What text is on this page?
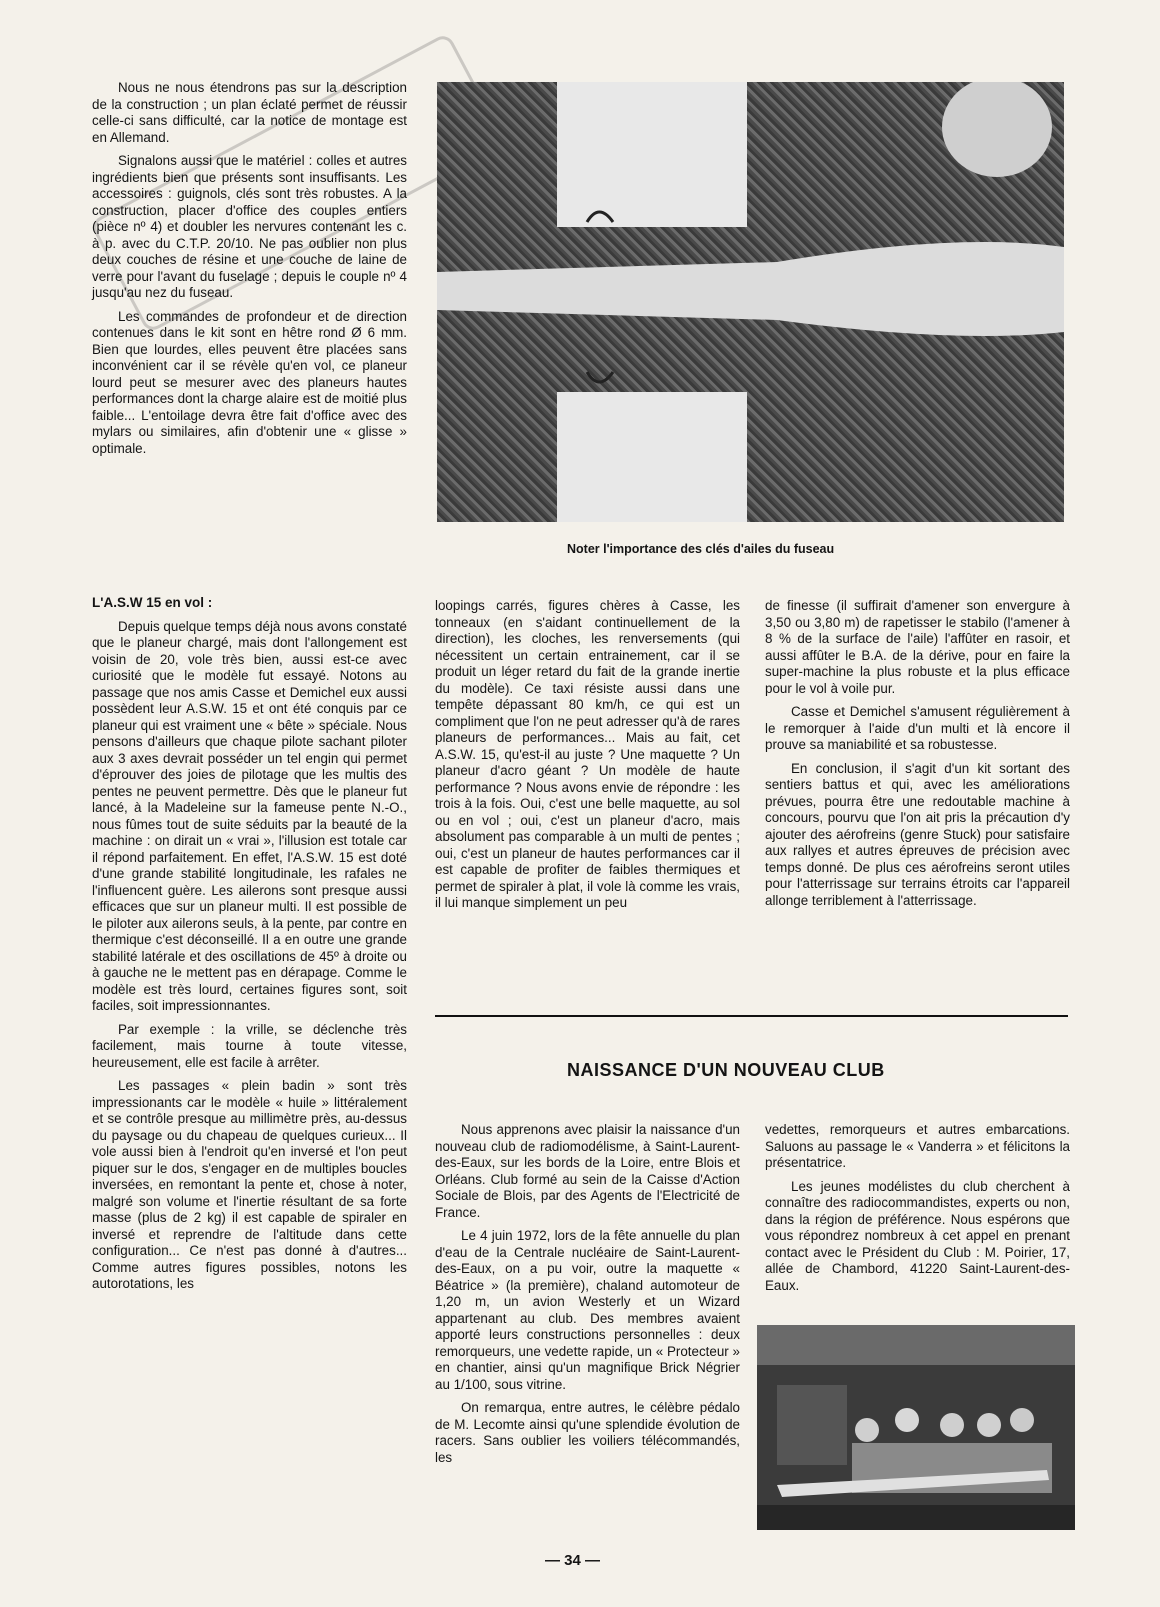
Nous ne nous étendrons pas sur la description de la construction ; un plan éclaté permet de réussir celle-ci sans difficulté, car la notice de montage est en Allemand.

Signalons aussi que le matériel : colles et autres ingrédients bien que présents sont insuffisants. Les accessoires : guignols, clés sont très robustes. A la construction, placer d'office des couples entiers (pièce nº 4) et doubler les nervures contenant les c. à p. avec du C.T.P. 20/10. Ne pas oublier non plus deux couches de résine et une couche de laine de verre pour l'avant du fuselage ; depuis le couple nº 4 jusqu'au nez du fuseau.

Les commandes de profondeur et de direction contenues dans le kit sont en hêtre rond Ø 6 mm. Bien que lourdes, elles peuvent être placées sans inconvénient car il se révèle qu'en vol, ce planeur lourd peut se mesurer avec des planeurs hautes performances dont la charge alaire est de moitié plus faible... L'entoilage devra être fait d'office avec des mylars ou similaires, afin d'obtenir une « glisse » optimale.

Noter l'importance des clés d'ailes du fuseau

L'A.S.W 15 en vol :

Depuis quelque temps déjà nous avons constaté que le planeur chargé, mais dont l'allongement est voisin de 20, vole très bien, aussi est-ce avec curiosité que le modèle fut essayé. Notons au passage que nos amis Casse et Demichel eux aussi possèdent leur A.S.W. 15 et ont été conquis par ce planeur qui est vraiment une « bête » spéciale. Nous pensons d'ailleurs que chaque pilote sachant piloter aux 3 axes devrait posséder un tel engin qui permet d'éprouver des joies de pilotage que les multis des pentes ne peuvent permettre. Dès que le planeur fut lancé, à la Madeleine sur la fameuse pente N.-O., nous fûmes tout de suite séduits par la beauté de la machine : on dirait un « vrai », l'illusion est totale car il répond parfaitement. En effet, l'A.S.W. 15 est doté d'une grande stabilité longitudinale, les rafales ne l'influencent guère. Les ailerons sont presque aussi efficaces que sur un planeur multi. Il est possible de le piloter aux ailerons seuls, à la pente, par contre en thermique c'est déconseillé. Il a en outre une grande stabilité latérale et des oscillations de 45º à droite ou à gauche ne le mettent pas en dérapage. Comme le modèle est très lourd, certaines figures sont, soit faciles, soit impressionnantes.

Par exemple : la vrille, se déclenche très facilement, mais tourne à toute vitesse, heureusement, elle est facile à arrêter.

Les passages « plein badin » sont très impressionants car le modèle « huile » littéralement et se contrôle presque au millimètre près, au-dessus du paysage ou du chapeau de quelques curieux... Il vole aussi bien à l'endroit qu'en inversé et l'on peut piquer sur le dos, s'engager en de multiples boucles inversées, en remontant la pente et, chose à noter, malgré son volume et l'inertie résultant de sa forte masse (plus de 2 kg) il est capable de spiraler en inversé et reprendre de l'altitude dans cette configuration... Ce n'est pas donné à d'autres... Comme autres figures possibles, notons les autorotations, les

loopings carrés, figures chères à Casse, les tonneaux (en s'aidant continuellement de la direction), les cloches, les renversements (qui nécessitent un certain entrainement, car il se produit un léger retard du fait de la grande inertie du modèle). Ce taxi résiste aussi dans une tempête dépassant 80 km/h, ce qui est un compliment que l'on ne peut adresser qu'à de rares planeurs de performances... Mais au fait, cet A.S.W. 15, qu'est-il au juste ? Une maquette ? Un planeur d'acro géant ? Un modèle de haute performance ? Nous avons envie de répondre : les trois à la fois. Oui, c'est une belle maquette, au sol ou en vol ; oui, c'est un planeur d'acro, mais absolument pas comparable à un multi de pentes ; oui, c'est un planeur de hautes performances car il est capable de profiter de faibles thermiques et permet de spiraler à plat, il vole là comme les vrais, il lui manque simplement un peu

de finesse (il suffirait d'amener son envergure à 3,50 ou 3,80 m) de rapetisser le stabilo (l'amener à 8 % de la surface de l'aile) l'affûter en rasoir, et aussi affûter le B.A. de la dérive, pour en faire la super-machine la plus robuste et la plus efficace pour le vol à voile pur.

Casse et Demichel s'amusent régulièrement à le remorquer à l'aide d'un multi et là encore il prouve sa maniabilité et sa robustesse.

En conclusion, il s'agit d'un kit sortant des sentiers battus et qui, avec les améliorations prévues, pourra être une redoutable machine à concours, pourvu que l'on ait pris la précaution d'y ajouter des aérofreins (genre Stuck) pour satisfaire aux rallyes et autres épreuves de précision avec temps donné. De plus ces aérofreins seront utiles pour l'atterrissage sur terrains étroits car l'appareil allonge terriblement à l'atterrissage.

NAISSANCE D'UN NOUVEAU CLUB

Nous apprenons avec plaisir la naissance d'un nouveau club de radiomodélisme, à Saint-Laurent-des-Eaux, sur les bords de la Loire, entre Blois et Orléans. Club formé au sein de la Caisse d'Action Sociale de Blois, par des Agents de l'Electricité de France.

Le 4 juin 1972, lors de la fête annuelle du plan d'eau de la Centrale nucléaire de Saint-Laurent-des-Eaux, on a pu voir, outre la maquette « Béatrice » (la première), chaland automoteur de 1,20 m, un avion Westerly et un Wizard appartenant au club. Des membres avaient apporté leurs constructions personnelles : deux remorqueurs, une vedette rapide, un « Protecteur » en chantier, ainsi qu'un magnifique Brick Négrier au 1/100, sous vitrine.

On remarqua, entre autres, le célèbre pédalo de M. Lecomte ainsi qu'une splendide évolution de racers. Sans oublier les voiliers télécommandés, les

vedettes, remorqueurs et autres embarcations. Saluons au passage le « Vanderra » et félicitons la présentatrice.

Les jeunes modélistes du club cherchent à connaître des radiocommandistes, experts ou non, dans la région de préférence. Nous espérons que vous répondrez nombreux à cet appel en prenant contact avec le Président du Club : M. Poirier, 17, allée de Chambord, 41220 Saint-Laurent-des-Eaux.

— 34 —
